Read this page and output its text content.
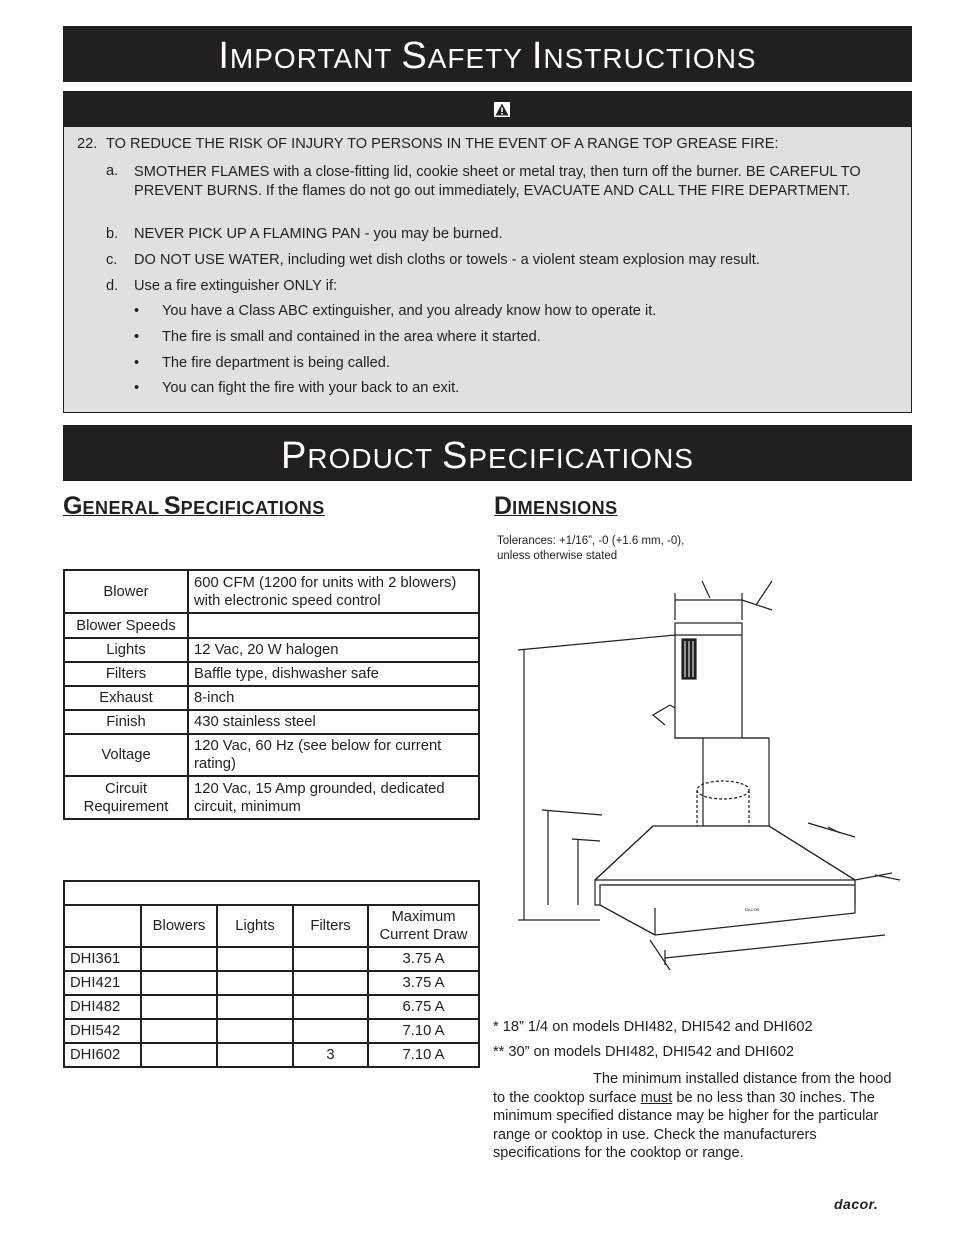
IMPORTANT SAFETY INSTRUCTIONS
22. TO REDUCE THE RISK OF INJURY TO PERSONS IN THE EVENT OF A RANGE TOP GREASE FIRE:
a. SMOTHER FLAMES with a close-fitting lid, cookie sheet or metal tray, then turn off the burner. BE CAREFUL TO PREVENT BURNS. If the flames do not go out immediately, EVACUATE AND CALL THE FIRE DEPARTMENT.
b. NEVER PICK UP A FLAMING PAN - you may be burned.
c. DO NOT USE WATER, including wet dish cloths or towels - a violent steam explosion may result.
d. Use a fire extinguisher ONLY if:
• You have a Class ABC extinguisher, and you already know how to operate it.
• The fire is small and contained in the area where it started.
• The fire department is being called.
• You can fight the fire with your back to an exit.
PRODUCT SPECIFICATIONS
GENERAL SPECIFICATIONS
Blower	600 CFM (1200 for units with 2 blowers) with electronic speed control
Blower Speeds	
Lights	12 Vac, 20 W halogen
Filters	Baffle type, dishwasher safe
Exhaust	8-inch
Finish	430 stainless steel
Voltage	120 Vac, 60 Hz (see below for current rating)
Circuit Requirement	120 Vac, 15 Amp grounded, dedicated circuit, minimum

	Blowers	Lights	Filters	Maximum Current Draw
DHI361				3.75 A
DHI421				3.75 A
DHI482				6.75 A
DHI542				7.10 A
DHI602			3	7.10 A
DIMENSIONS
Tolerances: +1/16”, -0 (+1.6 mm, -0),
unless otherwise stated
DACOR
* 18” 1/4 on models DHI482, DHI542 and DHI602
** 30” on models DHI482, DHI542 and DHI602

The minimum installed distance from the hood to the cooktop surface must be no less than 30 inches. The minimum specified distance may be higher for the particular range or cooktop in use. Check the manufacturers specifications for the cooktop or range.

dacor.
